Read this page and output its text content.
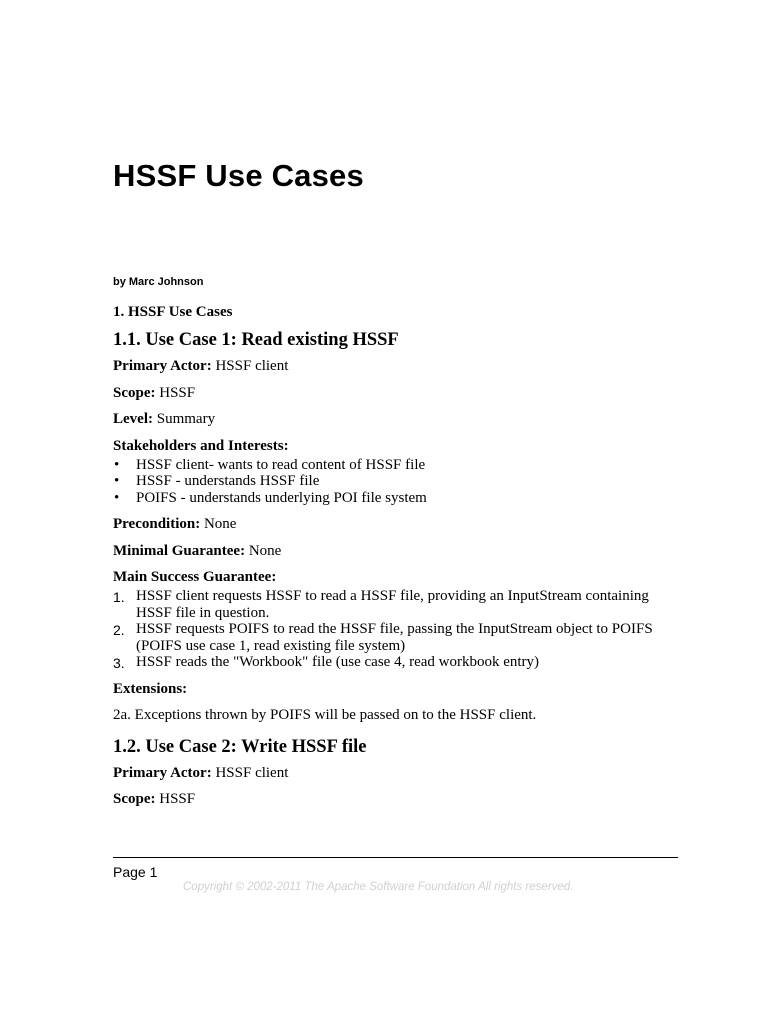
HSSF Use Cases
by Marc Johnson
1. HSSF Use Cases
1.1. Use Case 1: Read existing HSSF

Primary Actor: HSSF client

Scope: HSSF

Level: Summary

Stakeholders and Interests:

• HSSF client- wants to read content of HSSF file
• HSSF - understands HSSF file
• POIFS - understands underlying POI file system

Precondition: None

Minimal Guarantee: None

Main Success Guarantee:

1. HSSF client requests HSSF to read a HSSF file, providing an InputStream containing HSSF file in question.
2. HSSF requests POIFS to read the HSSF file, passing the InputStream object to POIFS (POIFS use case 1, read existing file system)
3. HSSF reads the "Workbook" file (use case 4, read workbook entry)

Extensions:

2a. Exceptions thrown by POIFS will be passed on to the HSSF client.

1.2. Use Case 2: Write HSSF file

Primary Actor: HSSF client

Scope: HSSF

Page 1
Copyright © 2002-2011 The Apache Software Foundation All rights reserved.
